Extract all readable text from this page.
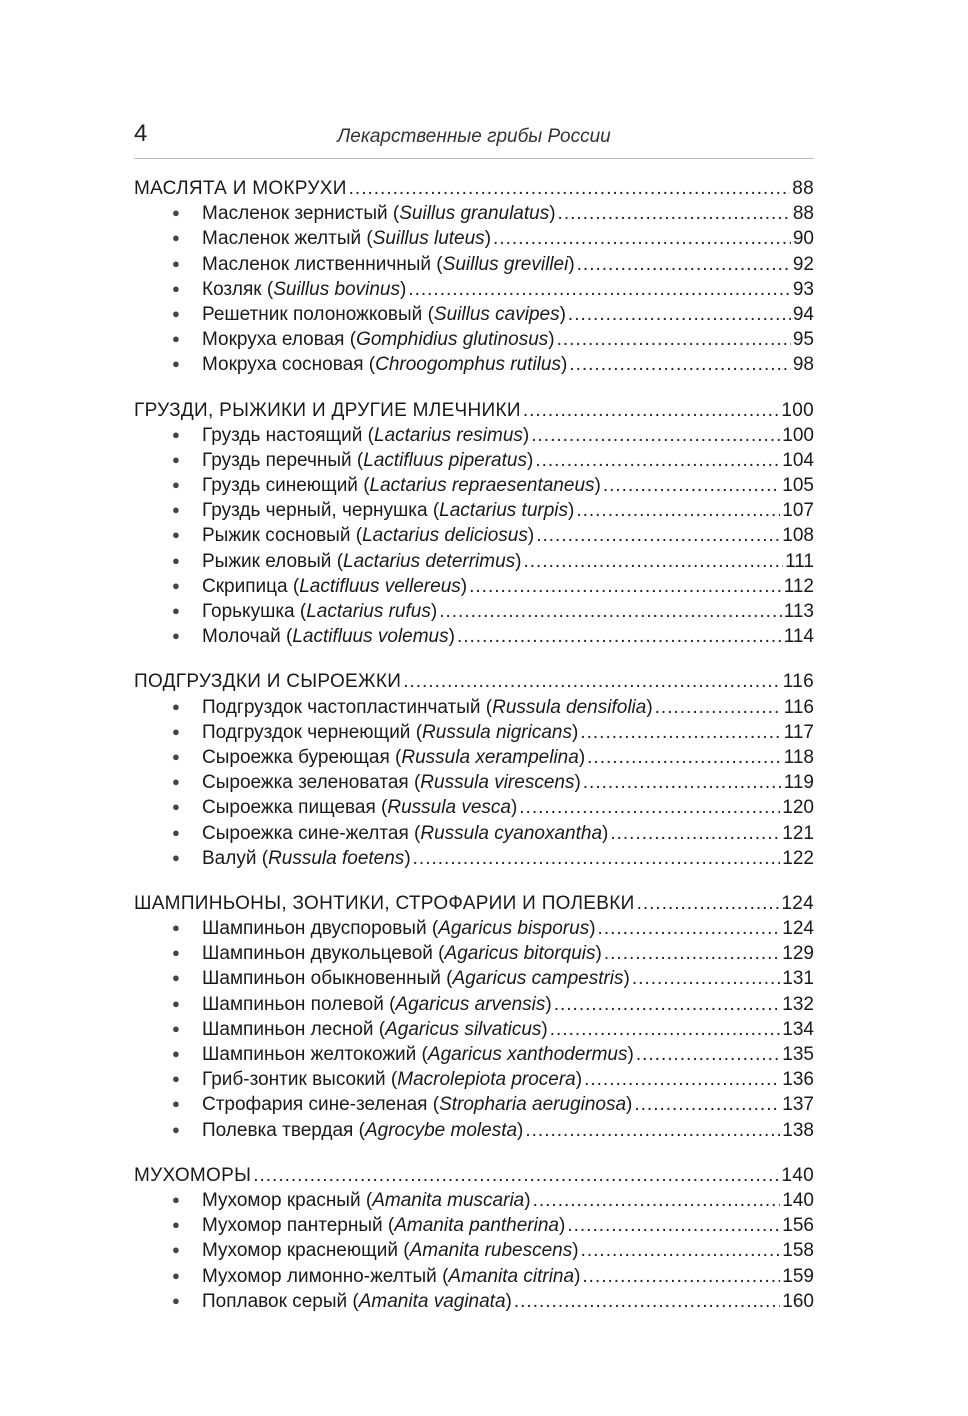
4	Лекарственные грибы России
МАСЛЯТА И МОКРУХИ .....	88
●	Масленок зернистый (Suillus granulatus) .....	88
●	Масленок желтый (Suillus luteus) .....	90
●	Масленок лиственничный (Suillus grevillei) .....	92
●	Козляк (Suillus bovinus) .....	93
●	Решетник полоножковый (Suillus cavipes) .....	94
●	Мокруха еловая (Gomphidius glutinosus) .....	95
●	Мокруха сосновая (Chroogomphus rutilus) .....	98
ГРУЗДИ, РЫЖИКИ И ДРУГИЕ МЛЕЧНИКИ .....	100
●	Груздь настоящий (Lactarius resimus) .....	100
●	Груздь перечный (Lactifluus piperatus) .....	104
●	Груздь синеющий (Lactarius repraesentaneus) .....	105
●	Груздь черный, чернушка (Lactarius turpis) .....	107
●	Рыжик сосновый (Lactarius deliciosus) .....	108
●	Рыжик еловый (Lactarius deterrimus) .....	111
●	Скрипица (Lactifluus vellereus) .....	112
●	Горькушка (Lactarius rufus) .....	113
●	Молочай (Lactifluus volemus) .....	114
ПОДГРУЗДКИ И СЫРОЕЖКИ .....	116
●	Подгруздок частопластинчатый (Russula densifolia) .....	116
●	Подгруздок чернеющий (Russula nigricans) .....	117
●	Сыроежка буреющая (Russula xerampelina) .....	118
●	Сыроежка зеленоватая (Russula virescens) .....	119
●	Сыроежка пищевая (Russula vesca) .....	120
●	Сыроежка сине-желтая (Russula cyanoxantha) .....	121
●	Валуй (Russula foetens) .....	122
ШАМПИНЬОНЫ, ЗОНТИКИ, СТРОФАРИИ И ПОЛЕВКИ .....	124
●	Шампиньон двуспоровый (Agaricus bisporus) .....	124
●	Шампиньон двукольцевой (Agaricus bitorquis) .....	129
●	Шампиньон обыкновенный (Agaricus campestris) .....	131
●	Шампиньон полевой (Agaricus arvensis) .....	132
●	Шампиньон лесной (Agaricus silvaticus) .....	134
●	Шампиньон желтокожий (Agaricus xanthodermus) .....	135
●	Гриб-зонтик высокий (Macrolepiota procera) .....	136
●	Строфария сине-зеленая (Stropharia aeruginosa) .....	137
●	Полевка твердая (Agrocybe molesta) .....	138
МУХОМОРЫ .....	140
●	Мухомор красный (Amanita muscaria) .....	140
●	Мухомор пантерный (Amanita pantherina) .....	156
●	Мухомор краснеющий (Amanita rubescens) .....	158
●	Мухомор лимонно-желтый (Amanita citrina) .....	159
●	Поплавок серый (Amanita vaginata) .....	160
